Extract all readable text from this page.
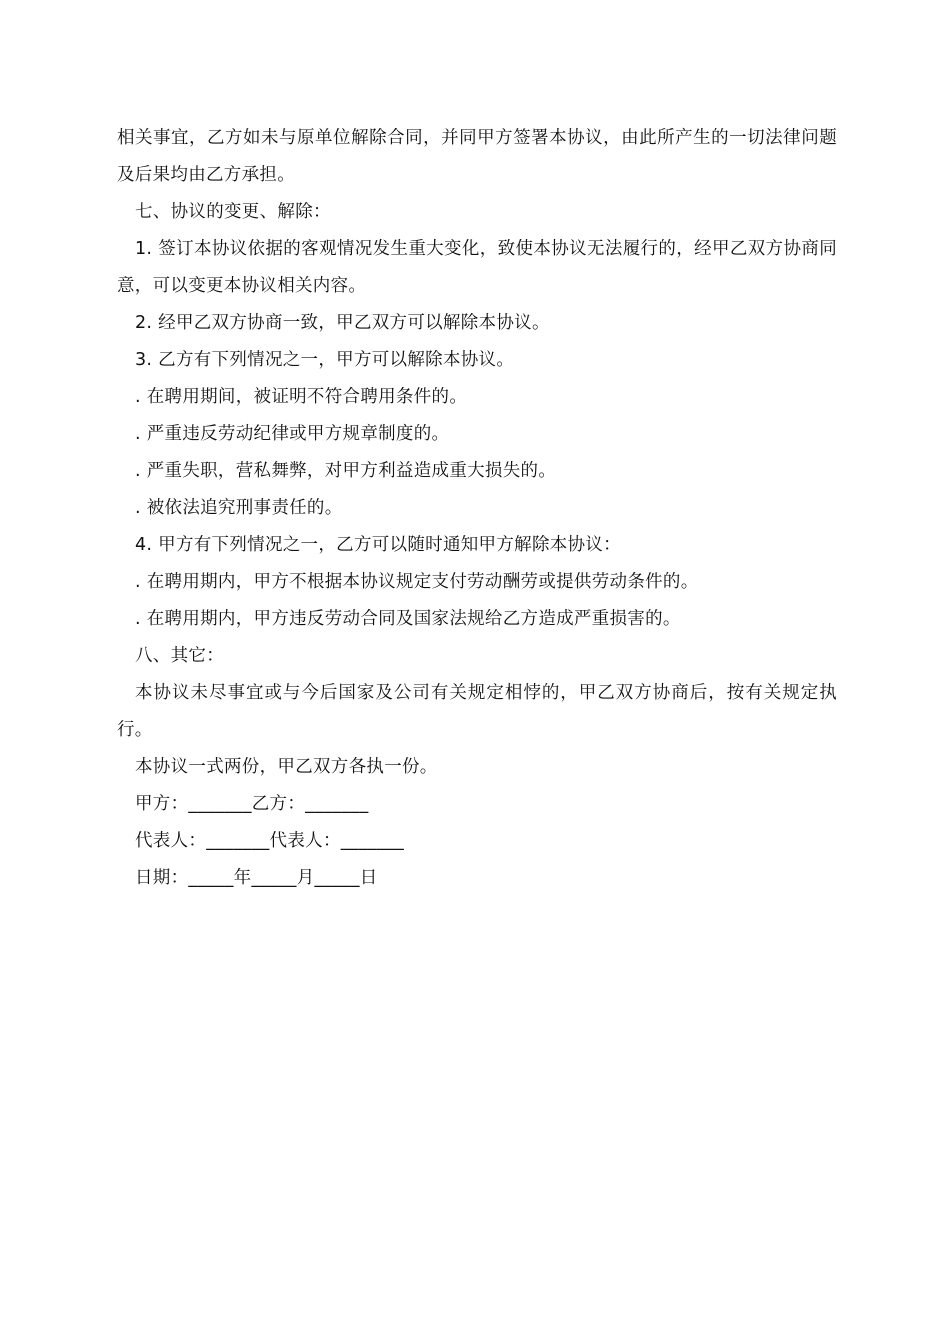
相关事宜，乙方如未与原单位解除合同，并同甲方签署本协议，由此所产生的一切法律问题及后果均由乙方承担。

七、协议的变更、解除：

1. 签订本协议依据的客观情况发生重大变化，致使本协议无法履行的，经甲乙双方协商同意，可以变更本协议相关内容。

2. 经甲乙双方协商一致，甲乙双方可以解除本协议。

3. 乙方有下列情况之一，甲方可以解除本协议。

. 在聘用期间，被证明不符合聘用条件的。

. 严重违反劳动纪律或甲方规章制度的。

. 严重失职，营私舞弊，对甲方利益造成重大损失的。

. 被依法追究刑事责任的。

4. 甲方有下列情况之一，乙方可以随时通知甲方解除本协议：

. 在聘用期内，甲方不根据本协议规定支付劳动酬劳或提供劳动条件的。

. 在聘用期内，甲方违反劳动合同及国家法规给乙方造成严重损害的。

八、其它：

本协议未尽事宜或与今后国家及公司有关规定相悖的，甲乙双方协商后，按有关规定执行。

本协议一式两份，甲乙双方各执一份。

甲方：_______乙方：_______

代表人：_______代表人：_______

日期：_____年_____月_____日
